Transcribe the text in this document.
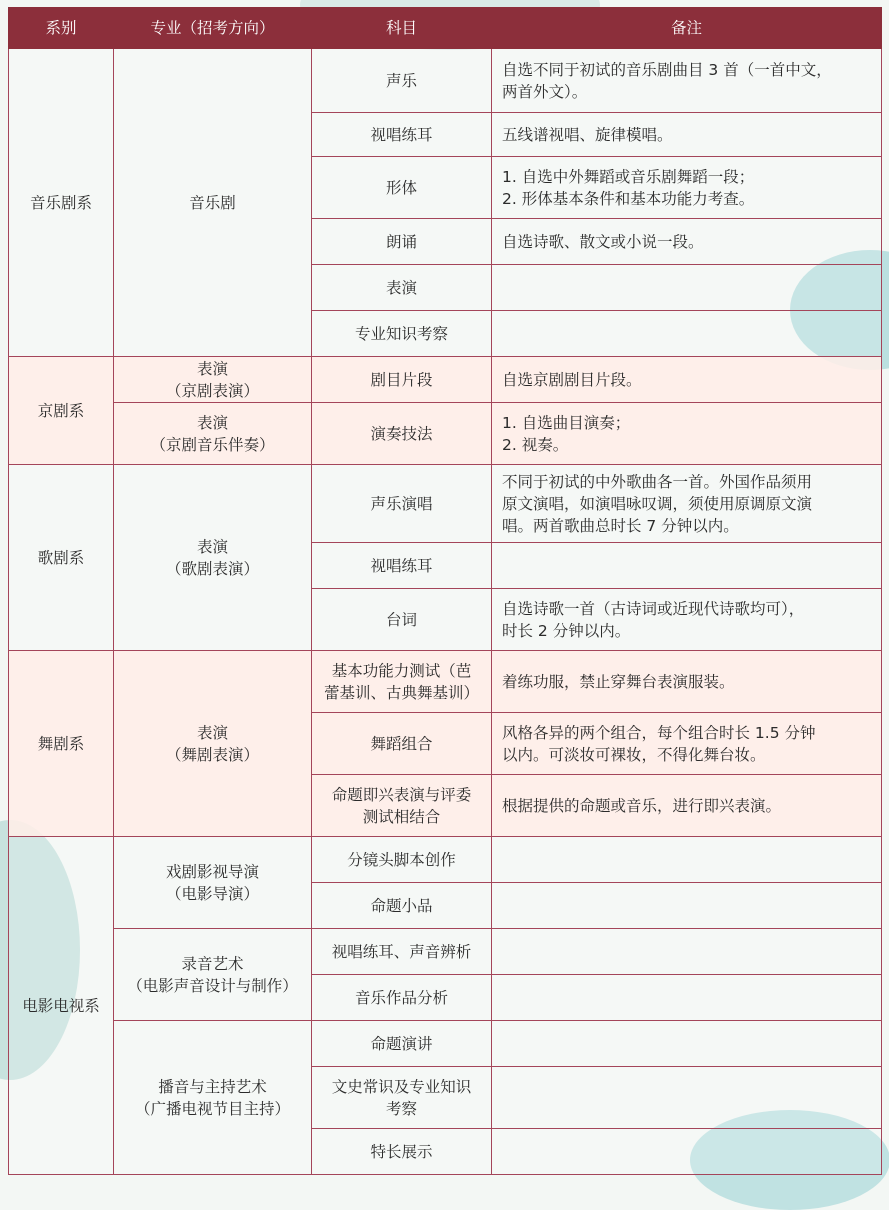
系别	专业（招考方向）	科目	备注
音乐剧系	音乐剧	声乐	自选不同于初试的音乐剧曲目 3 首（一首中文，
两首外文）。

		视唱练耳	五线谱视唱、旋律模唱。

		形体	1. 自选中外舞蹈或音乐剧舞蹈一段；
2. 形体基本条件和基本功能力考查。

		朗诵	自选诗歌、散文或小说一段。

		表演	

		专业知识考察	

京剧系	表演
（京剧表演）	剧目片段	自选京剧剧目片段。

	表演
（京剧音乐伴奏）	演奏技法	1. 自选曲目演奏；
2. 视奏。

歌剧系	表演
（歌剧表演）	声乐演唱	不同于初试的中外歌曲各一首。外国作品须用
原文演唱，如演唱咏叹调，须使用原调原文演
唱。两首歌曲总时长 7 分钟以内。

		视唱练耳	

		台词	自选诗歌一首（古诗词或近现代诗歌均可），
时长 2 分钟以内。

舞剧系	表演
（舞剧表演）	基本功能力测试（芭
蕾基训、古典舞基训）	着练功服，禁止穿舞台表演服装。

		舞蹈组合	风格各异的两个组合，每个组合时长 1.5 分钟
以内。可淡妆可裸妆，不得化舞台妆。

		命题即兴表演与评委
测试相结合	根据提供的命题或音乐，进行即兴表演。

电影电视系	戏剧影视导演
（电影导演）	分镜头脚本创作	

		命题小品	

	录音艺术
（电影声音设计与制作）	视唱练耳、声音辨析	

		音乐作品分析	

	播音与主持艺术
（广播电视节目主持）	命题演讲	

		文史常识及专业知识
考察	

		特长展示	
